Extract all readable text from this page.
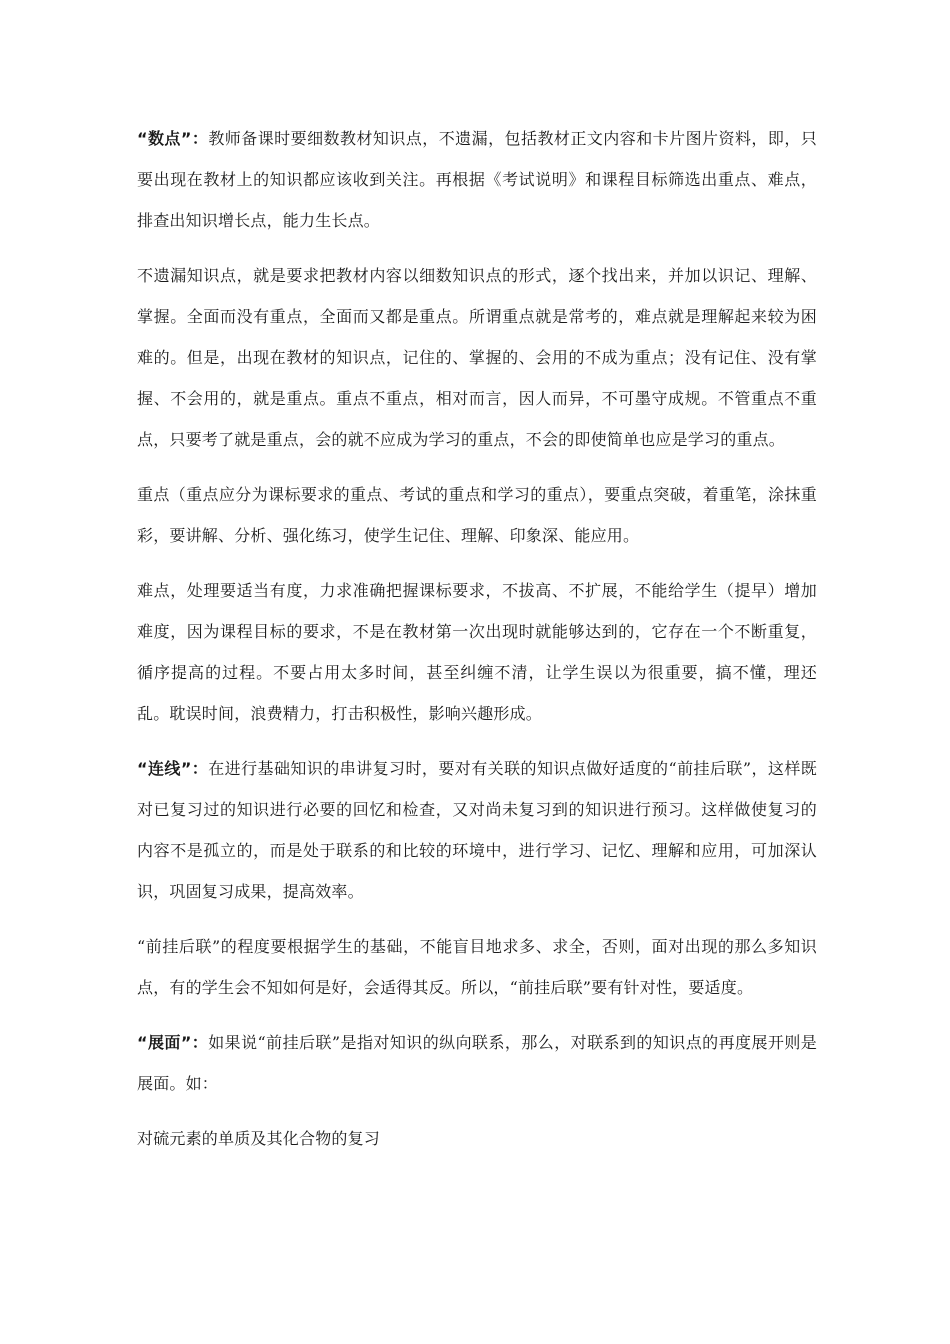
“数点”：教师备课时要细数教材知识点，不遗漏，包括教材正文内容和卡片图片资料，即，只要出现在教材上的知识都应该收到关注。再根据《考试说明》和课程目标筛选出重点、难点，排查出知识增长点，能力生长点。

不遗漏知识点，就是要求把教材内容以细数知识点的形式，逐个找出来，并加以识记、理解、掌握。全面而没有重点，全面而又都是重点。所谓重点就是常考的，难点就是理解起来较为困难的。但是，出现在教材的知识点，记住的、掌握的、会用的不成为重点；没有记住、没有掌握、不会用的，就是重点。重点不重点，相对而言，因人而异，不可墨守成规。不管重点不重点，只要考了就是重点，会的就不应成为学习的重点，不会的即使简单也应是学习的重点。

重点（重点应分为课标要求的重点、考试的重点和学习的重点），要重点突破，着重笔，涂抹重彩，要讲解、分析、强化练习，使学生记住、理解、印象深、能应用。

难点，处理要适当有度，力求准确把握课标要求，不拔高、不扩展，不能给学生（提早）增加难度，因为课程目标的要求，不是在教材第一次出现时就能够达到的，它存在一个不断重复，循序提高的过程。不要占用太多时间，甚至纠缠不清，让学生误以为很重要，搞不懂，理还乱。耽误时间，浪费精力，打击积极性，影响兴趣形成。

“连线”：在进行基础知识的串讲复习时，要对有关联的知识点做好适度的“前挂后联”，这样既对已复习过的知识进行必要的回忆和检查，又对尚未复习到的知识进行预习。这样做使复习的内容不是孤立的，而是处于联系的和比较的环境中，进行学习、记忆、理解和应用，可加深认识，巩固复习成果，提高效率。

“前挂后联”的程度要根据学生的基础，不能盲目地求多、求全，否则，面对出现的那么多知识点，有的学生会不知如何是好，会适得其反。所以，“前挂后联”要有针对性，要适度。

“展面”：如果说“前挂后联”是指对知识的纵向联系，那么，对联系到的知识点的再度展开则是展面。如：

对硫元素的单质及其化合物的复习
